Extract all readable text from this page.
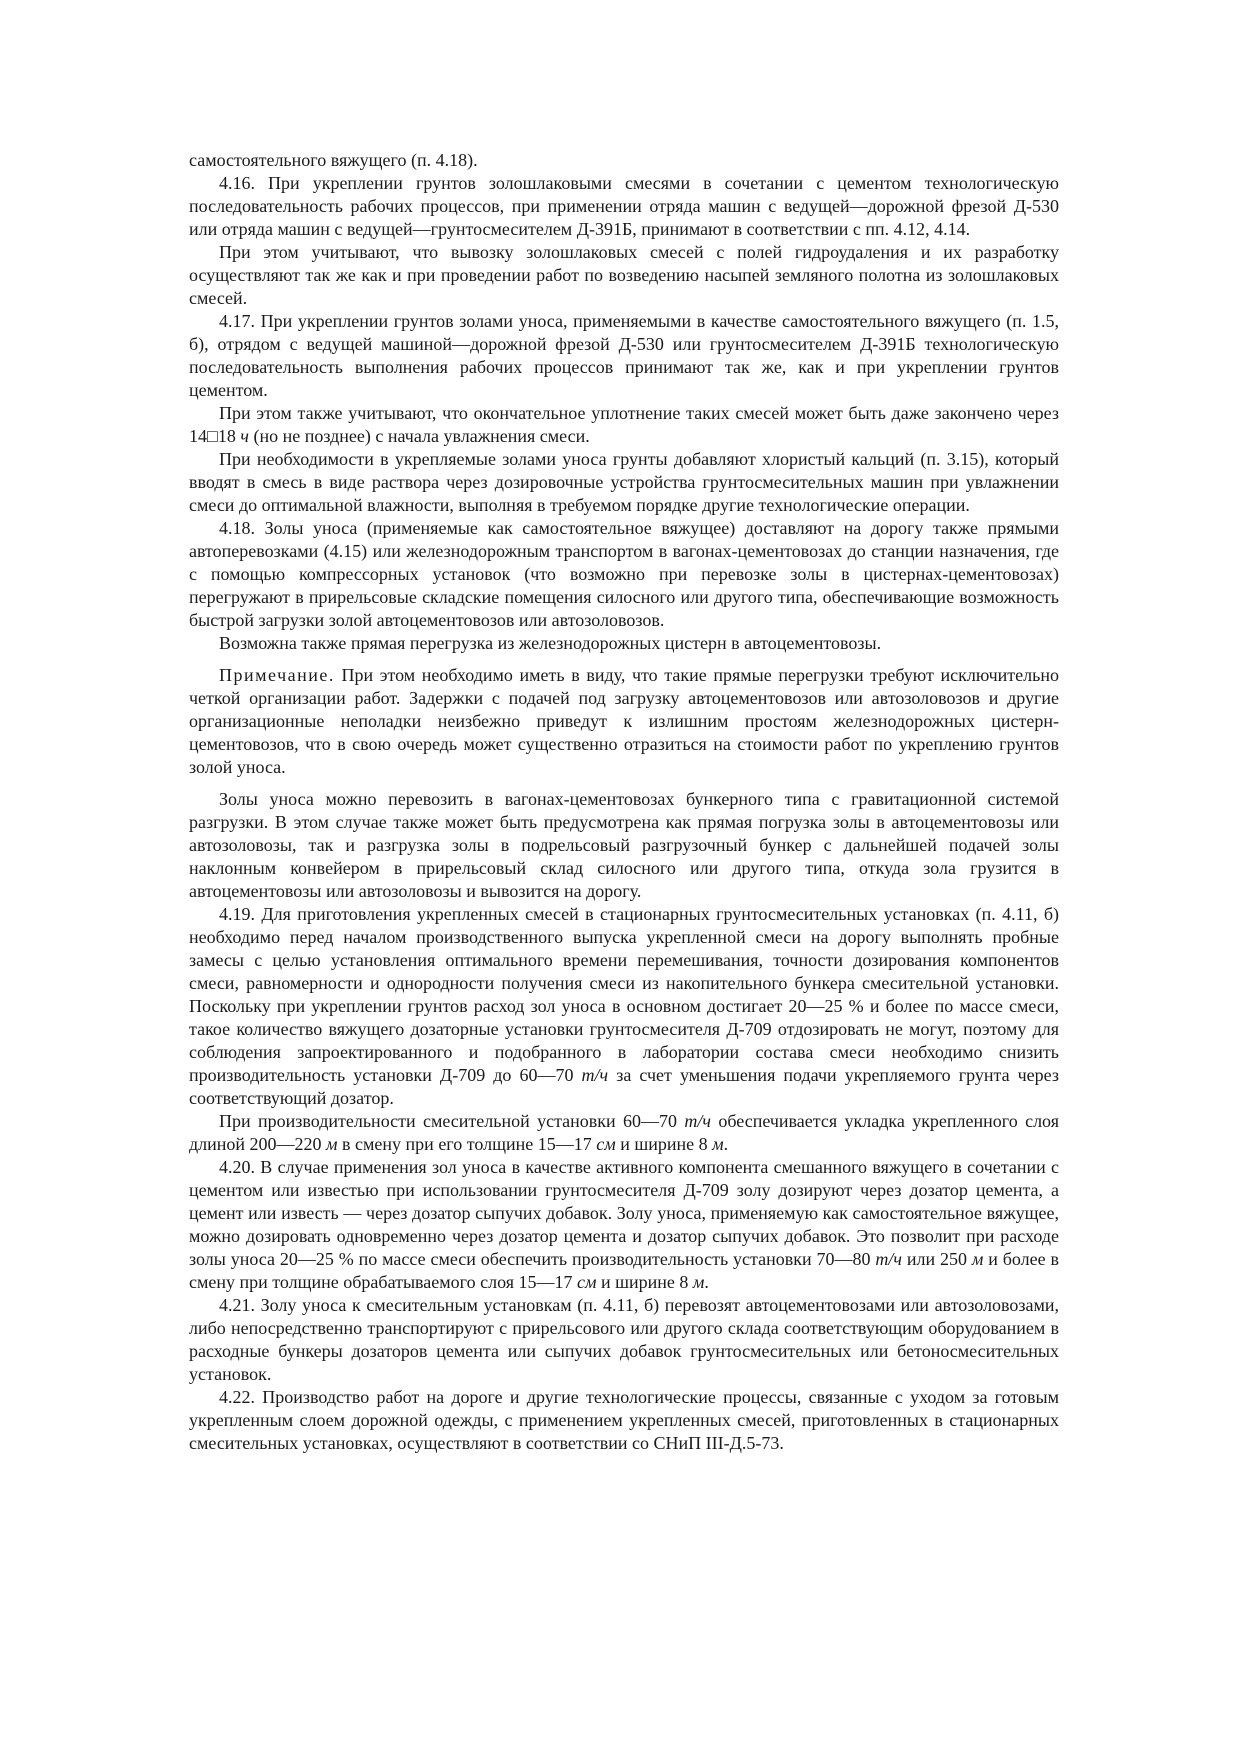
самостоятельного вяжущего (п. 4.18).

4.16. При укреплении грунтов золошлаковыми смесями в сочетании с цементом технологическую последовательность рабочих процессов, при применении отряда машин с ведущей—дорожной фрезой Д-530 или отряда машин с ведущей—грунтосмесителем Д-391Б, принимают в соответствии с пп. 4.12, 4.14.

При этом учитывают, что вывозку золошлаковых смесей с полей гидроудаления и их разработку осуществляют так же как и при проведении работ по возведению насыпей земляного полотна из золошлаковых смесей.

4.17. При укреплении грунтов золами уноса, применяемыми в качестве самостоятельного вяжущего (п. 1.5, б), отрядом с ведущей машиной—дорожной фрезой Д-530 или грунтосмесителем Д-391Б технологическую последовательность выполнения рабочих процессов принимают так же, как и при укреплении грунтов цементом.

При этом также учитывают, что окончательное уплотнение таких смесей может быть даже закончено через 14□18 ч (но не позднее) с начала увлажнения смеси.

При необходимости в укрепляемые золами уноса грунты добавляют хлористый кальций (п. 3.15), который вводят в смесь в виде раствора через дозировочные устройства грунтосмесительных машин при увлажнении смеси до оптимальной влажности, выполняя в требуемом порядке другие технологические операции.

4.18. Золы уноса (применяемые как самостоятельное вяжущее) доставляют на дорогу также прямыми автоперевозками (4.15) или железнодорожным транспортом в вагонах-цементовозах до станции назначения, где с помощью компрессорных установок (что возможно при перевозке золы в цистернах-цементовозах) перегружают в прирельсовые складские помещения силосного или другого типа, обеспечивающие возможность быстрой загрузки золой автоцементовозов или автозоловозов.

Возможна также прямая перегрузка из железнодорожных цистерн в автоцементовозы.

Примечание. При этом необходимо иметь в виду, что такие прямые перегрузки требуют исключительно четкой организации работ. Задержки с подачей под загрузку автоцементовозов или автозоловозов и другие организационные неполадки неизбежно приведут к излишним простоям железнодорожных цистерн-цементовозов, что в свою очередь может существенно отразиться на стоимости работ по укреплению грунтов золой уноса.

Золы уноса можно перевозить в вагонах-цементовозах бункерного типа с гравитационной системой разгрузки. В этом случае также может быть предусмотрена как прямая погрузка золы в автоцементовозы или автозоловозы, так и разгрузка золы в подрельсовый разгрузочный бункер с дальнейшей подачей золы наклонным конвейером в прирельсовый склад силосного или другого типа, откуда зола грузится в автоцементовозы или автозоловозы и вывозится на дорогу.

4.19. Для приготовления укрепленных смесей в стационарных грунтосмесительных установках (п. 4.11, б) необходимо перед началом производственного выпуска укрепленной смеси на дорогу выполнять пробные замесы с целью установления оптимального времени перемешивания, точности дозирования компонентов смеси, равномерности и однородности получения смеси из накопительного бункера смесительной установки. Поскольку при укреплении грунтов расход зол уноса в основном достигает 20—25 % и более по массе смеси, такое количество вяжущего дозаторные установки грунтосмесителя Д-709 отдозировать не могут, поэтому для соблюдения запроектированного и подобранного в лаборатории состава смеси необходимо снизить производительность установки Д-709 до 60—70 т/ч за счет уменьшения подачи укрепляемого грунта через соответствующий дозатор.

При производительности смесительной установки 60—70 т/ч обеспечивается укладка укрепленного слоя длиной 200—220 м в смену при его толщине 15—17 см и ширине 8 м.

4.20. В случае применения зол уноса в качестве активного компонента смешанного вяжущего в сочетании с цементом или известью при использовании грунтосмесителя Д-709 золу дозируют через дозатор цемента, а цемент или известь — через дозатор сыпучих добавок. Золу уноса, применяемую как самостоятельное вяжущее, можно дозировать одновременно через дозатор цемента и дозатор сыпучих добавок. Это позволит при расходе золы уноса 20—25 % по массе смеси обеспечить производительность установки 70—80 т/ч или 250 м и более в смену при толщине обрабатываемого слоя 15—17 см и ширине 8 м.

4.21. Золу уноса к смесительным установкам (п. 4.11, б) перевозят автоцементовозами или автозоловозами, либо непосредственно транспортируют с прирельсового или другого склада соответствующим оборудованием в расходные бункеры дозаторов цемента или сыпучих добавок грунтосмесительных или бетоносмесительных установок.

4.22. Производство работ на дороге и другие технологические процессы, связанные с уходом за готовым укрепленным слоем дорожной одежды, с применением укрепленных смесей, приготовленных в стационарных смесительных установках, осуществляют в соответствии со СНиП III-Д.5-73.
